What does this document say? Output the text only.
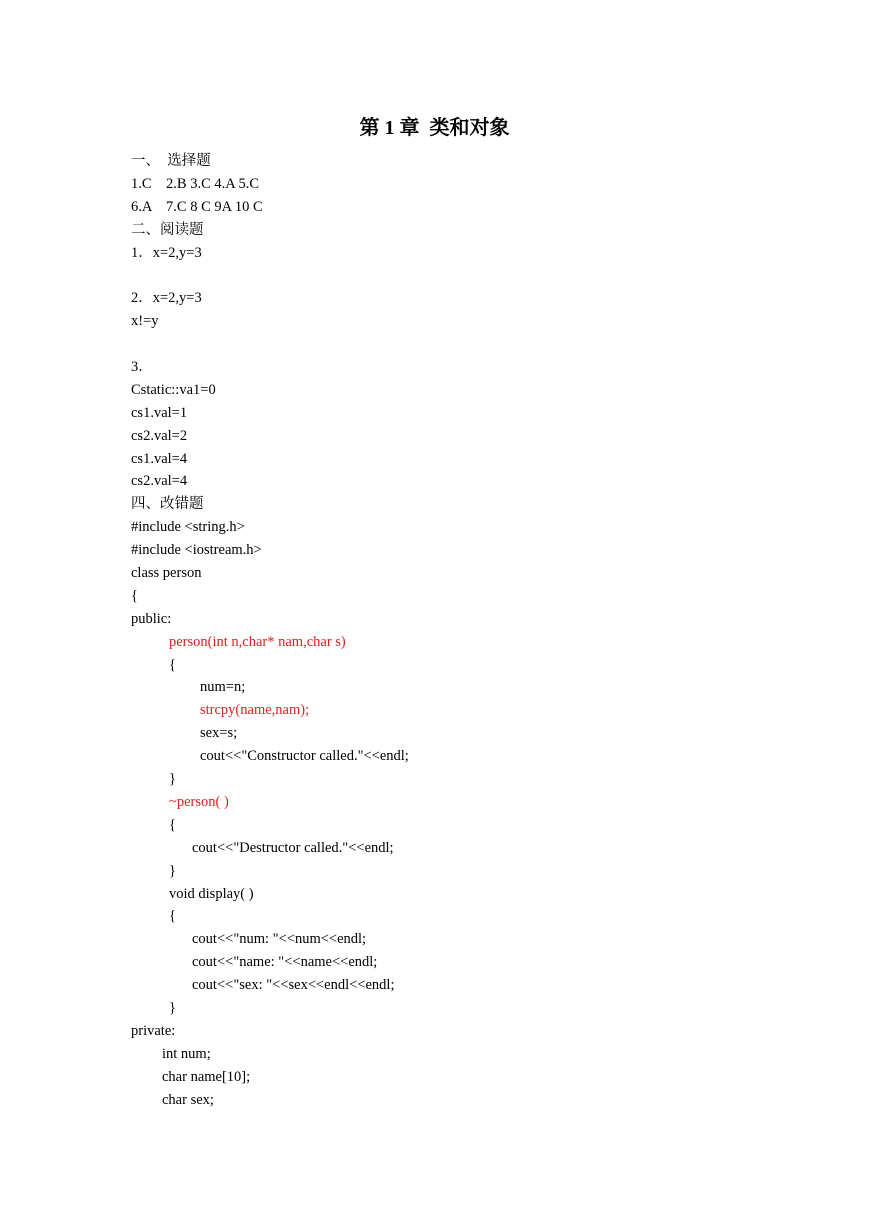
第 1 章  类和对象
一、  选择题
1.C    2.B 3.C 4.A 5.C
6.A    7.C 8 C 9A 10 C
二、阅读题
1．x=2,y=3
2．x=2,y=3
x!=y
3．
Cstatic::va1=0
cs1.val=1
cs2.val=2
cs1.val=4
cs2.val=4
四、改错题
#include <string.h>
#include <iostream.h>
class person
{
public:
person(int n,char* nam,char s)
{
num=n;
strcpy(name,nam);
sex=s;
cout<<"Constructor called."<<endl;
}
~person( )
{
cout<<"Destructor called."<<endl;
}
void display( )
{
cout<<"num: "<<num<<endl;
cout<<"name: "<<name<<endl;
cout<<"sex: "<<sex<<endl<<endl;
}
private:
int num;
char name[10];
char sex;
